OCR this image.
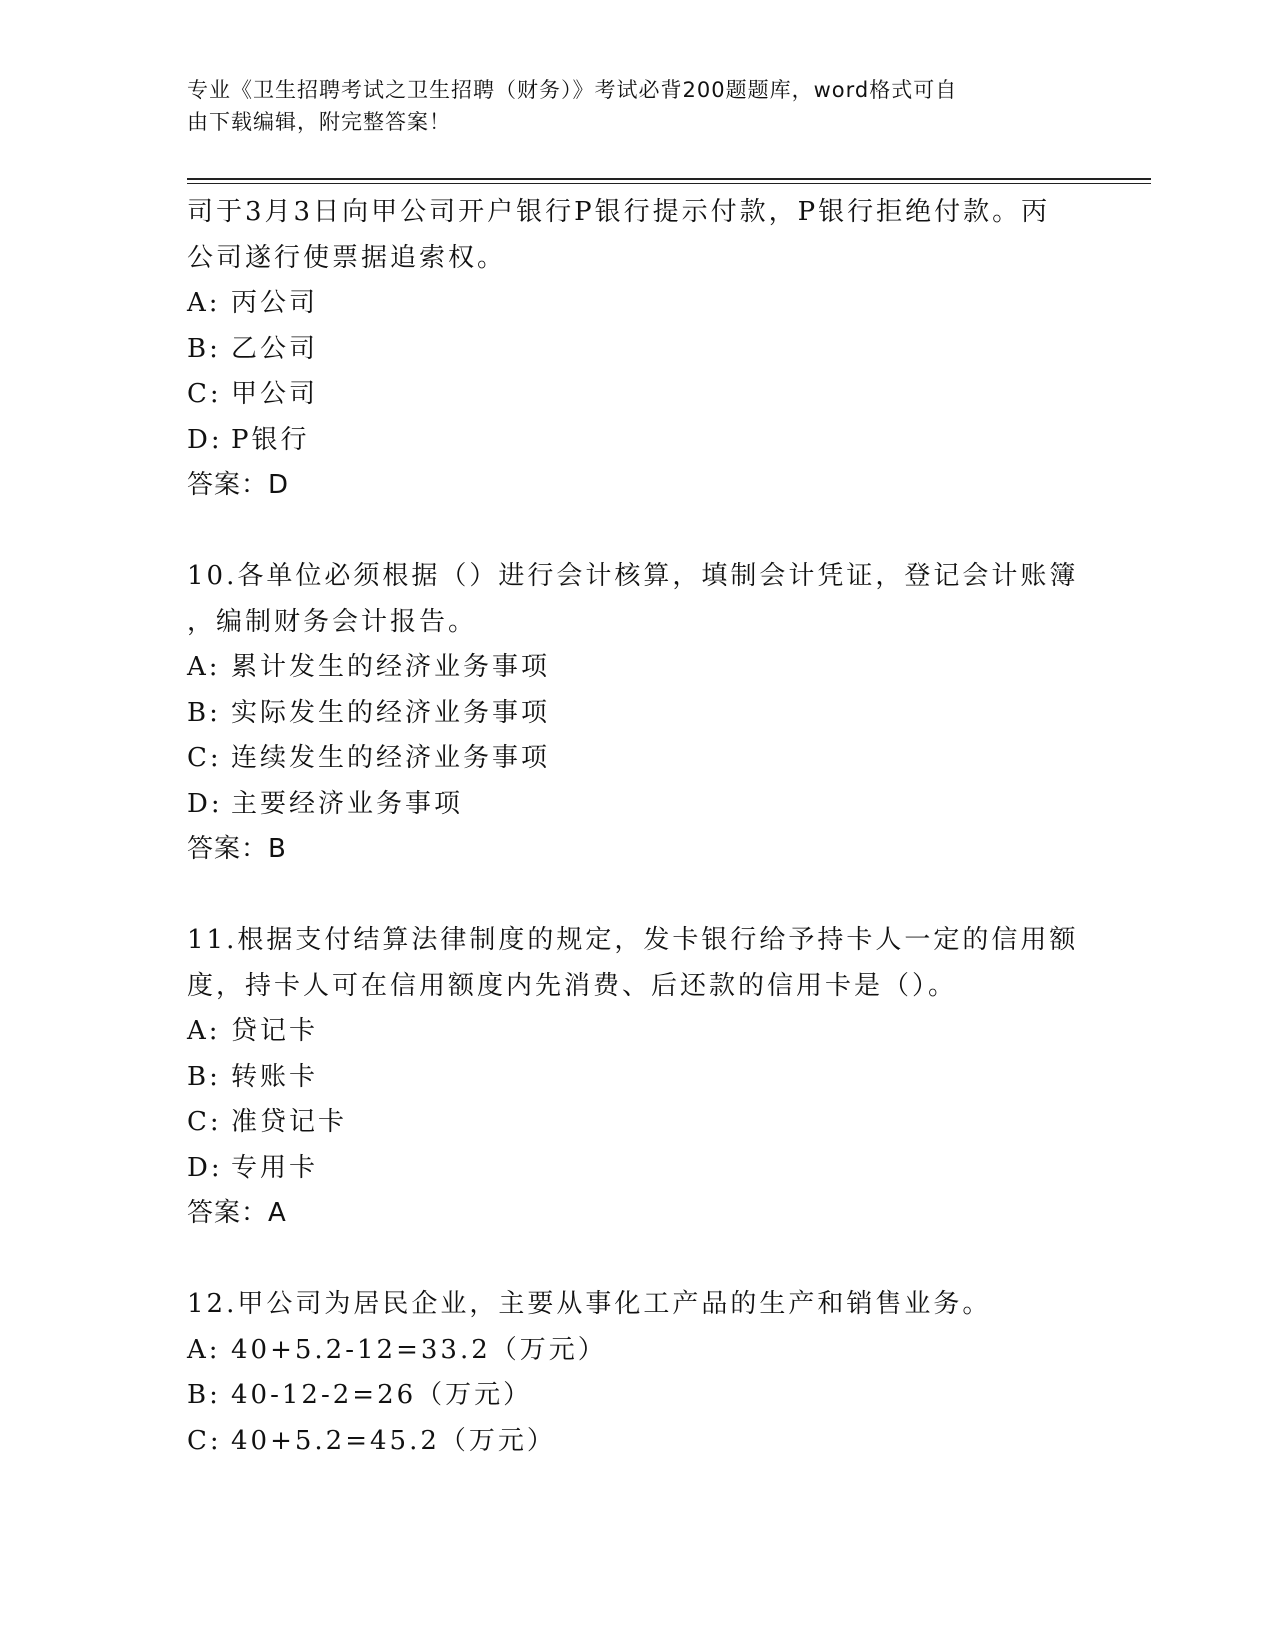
专业《卫生招聘考试之卫生招聘（财务）》考试必背200题题库，word格式可自
由下载编辑，附完整答案！
司于3月3日向甲公司开户银行P银行提示付款，P银行拒绝付款。丙
公司遂行使票据追索权。
A: 丙公司
B: 乙公司
C: 甲公司
D: P银行
答案：D
10.各单位必须根据（）进行会计核算，填制会计凭证，登记会计账簿
，编制财务会计报告。
A: 累计发生的经济业务事项
B: 实际发生的经济业务事项
C: 连续发生的经济业务事项
D: 主要经济业务事项
答案：B
11.根据支付结算法律制度的规定，发卡银行给予持卡人一定的信用额
度，持卡人可在信用额度内先消费、后还款的信用卡是（）。
A: 贷记卡
B: 转账卡
C: 准贷记卡
D: 专用卡
答案：A
12.甲公司为居民企业，主要从事化工产品的生产和销售业务。
A: 40+5.2-12=33.2（万元）
B: 40-12-2=26（万元）
C: 40+5.2=45.2（万元）
